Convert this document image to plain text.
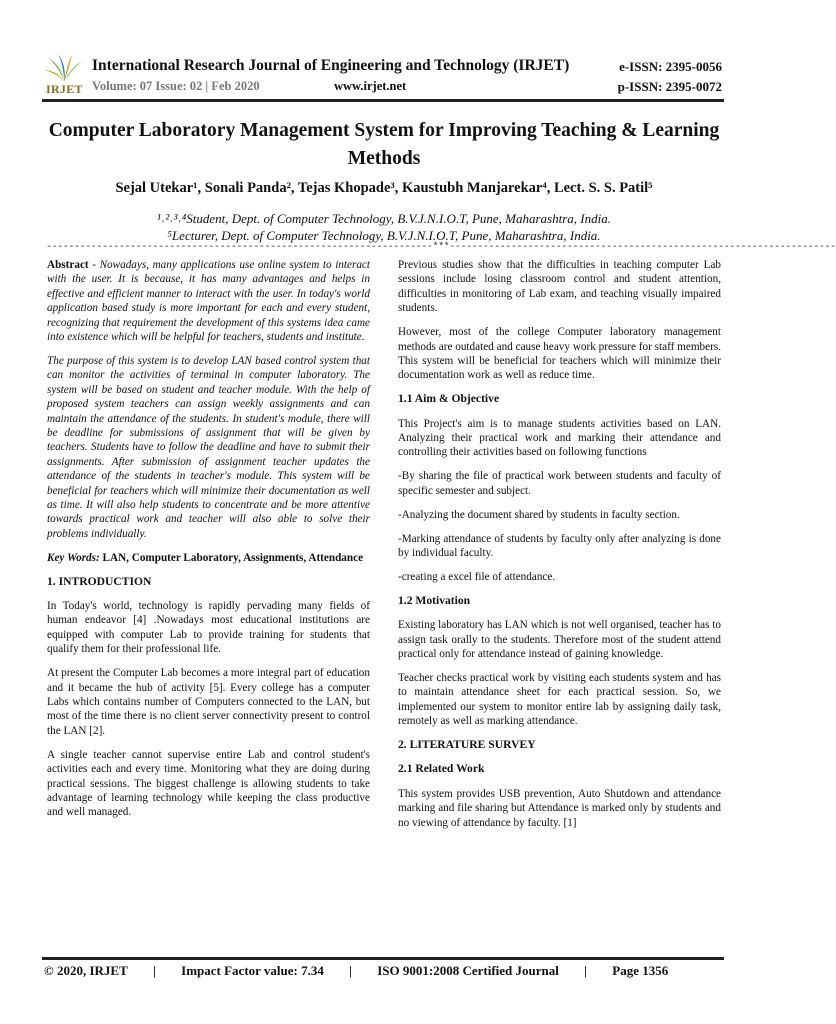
IRJET
International Research Journal of Engineering and Technology (IRJET)	e-ISSN: 2395-0056
Volume: 07 Issue: 02 | Feb 2020	www.irjet.net	p-ISSN: 2395-0072
Computer Laboratory Management System for Improving Teaching & Learning Methods
Sejal Utekar¹, Sonali Panda², Tejas Khopade³, Kaustubh Manjarekar⁴, Lect. S. S. Patil⁵
¹˒²˒³˒⁴Student, Dept. of Computer Technology, B.V.J.N.I.O.T, Pune, Maharashtra, India.
⁵Lecturer, Dept. of Computer Technology, B.V.J.N.I.O.T, Pune, Maharashtra, India.
---------------------------------------------------------------------***---------------------------------------------------------------------

Abstract - Nowadays, many applications use online system to interact with the user. It is because, it has many advantages and helps in effective and efficient manner to interact with the user. In today's world application based study is more important for each and every student, recognizing that requirement the development of this systems idea came into existence which will be helpful for teachers, students and institute.

The purpose of this system is to develop LAN based control system that can monitor the activities of terminal in computer laboratory. The system will be based on student and teacher module. With the help of proposed system teachers can assign weekly assignments and can maintain the attendance of the students. In student's module, there will be deadline for submissions of assignment that will be given by teachers. Students have to follow the deadline and have to submit their assignments. After submission of assignment teacher updates the attendance of the students in teacher's module. This system will be beneficial for teachers which will minimize their documentation as well as time. It will also help students to concentrate and be more attentive towards practical work and teacher will also able to solve their problems individually.

Key Words: LAN, Computer Laboratory, Assignments, Attendance

1. INTRODUCTION

In Today's world, technology is rapidly pervading many fields of human endeavor [4] .Nowadays most educational institutions are equipped with computer Lab to provide training for students that qualify them for their professional life.

At present the Computer Lab becomes a more integral part of education and it became the hub of activity [5]. Every college has a computer Labs which contains number of Computers connected to the LAN, but most of the time there is no client server connectivity present to control the LAN [2].

A single teacher cannot supervise entire Lab and control student's activities each and every time. Monitoring what they are doing during practical sessions. The biggest challenge is allowing students to take advantage of learning technology while keeping the class productive and well managed.

Previous studies show that the difficulties in teaching computer Lab sessions include losing classroom control and student attention, difficulties in monitoring of Lab exam, and teaching visually impaired students.

However, most of the college Computer laboratory management methods are outdated and cause heavy work pressure for staff members. This system will be beneficial for teachers which will minimize their documentation work as well as reduce time.

1.1 Aim & Objective

This Project's aim is to manage students activities based on LAN. Analyzing their practical work and marking their attendance and controlling their activities based on following functions

-By sharing the file of practical work between students and faculty of specific semester and subject.

-Analyzing the document shared by students in faculty section.

-Marking attendance of students by faculty only after analyzing is done by individual faculty.

-creating a excel file of attendance.

1.2 Motivation

Existing laboratory has LAN which is not well organised, teacher has to assign task orally to the students. Therefore most of the student attend practical only for attendance instead of gaining knowledge.

Teacher checks practical work by visiting each students system and has to maintain attendance sheet for each practical session. So, we implemented our system to monitor entire lab by assigning daily task, remotely as well as marking attendance.

2. LITERATURE SURVEY
2.1 Related Work

This system provides USB prevention, Auto Shutdown and attendance marking and file sharing but Attendance is marked only by students and no viewing of attendance by faculty. [1]

© 2020, IRJET | Impact Factor value: 7.34 | ISO 9001:2008 Certified Journal | Page 1356
